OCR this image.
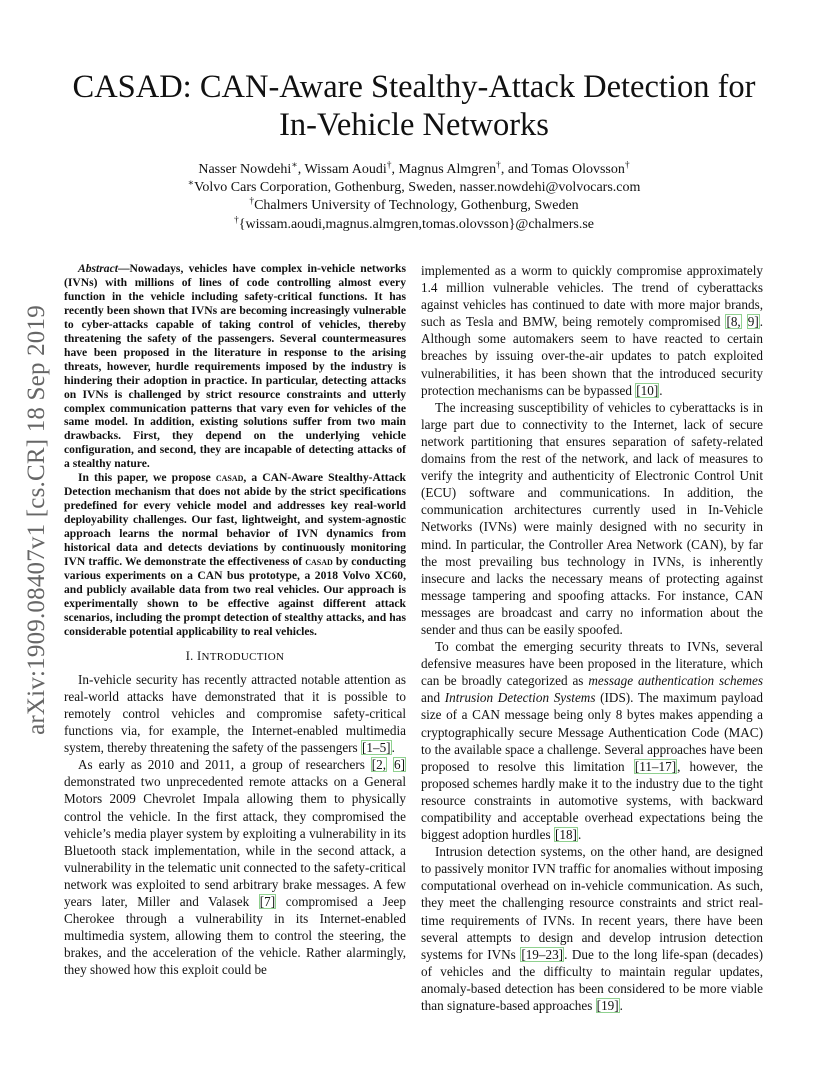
arXiv:1909.08407v1 [cs.CR] 18 Sep 2019
CASAD: CAN-Aware Stealthy-Attack Detection for In-Vehicle Networks
Nasser Nowdehi∗, Wissam Aoudi†, Magnus Almgren†, and Tomas Olovsson†
∗Volvo Cars Corporation, Gothenburg, Sweden, nasser.nowdehi@volvocars.com
†Chalmers University of Technology, Gothenburg, Sweden
†{wissam.aoudi,magnus.almgren,tomas.olovsson}@chalmers.se

Abstract—Nowadays, vehicles have complex in-vehicle networks (IVNs) with millions of lines of code controlling almost every function in the vehicle including safety-critical functions. It has recently been shown that IVNs are becoming increasingly vulnerable to cyber-attacks capable of taking control of vehicles, thereby threatening the safety of the passengers. Several countermeasures have been proposed in the literature in response to the arising threats, however, hurdle requirements imposed by the industry is hindering their adoption in practice. In particular, detecting attacks on IVNs is challenged by strict resource constraints and utterly complex communication patterns that vary even for vehicles of the same model. In addition, existing solutions suffer from two main drawbacks. First, they depend on the underlying vehicle configuration, and second, they are incapable of detecting attacks of a stealthy nature.

In this paper, we propose casad, a CAN-Aware Stealthy-Attack Detection mechanism that does not abide by the strict specifications predefined for every vehicle model and addresses key real-world deployability challenges. Our fast, lightweight, and system-agnostic approach learns the normal behavior of IVN dynamics from historical data and detects deviations by continuously monitoring IVN traffic. We demonstrate the effectiveness of casad by conducting various experiments on a CAN bus prototype, a 2018 Volvo XC60, and publicly available data from two real vehicles. Our approach is experimentally shown to be effective against different attack scenarios, including the prompt detection of stealthy attacks, and has considerable potential applicability to real vehicles.

I. INTRODUCTION

In-vehicle security has recently attracted notable attention as real-world attacks have demonstrated that it is possible to remotely control vehicles and compromise safety-critical functions via, for example, the Internet-enabled multimedia system, thereby threatening the safety of the passengers [1–5].

As early as 2010 and 2011, a group of researchers [2, 6] demonstrated two unprecedented remote attacks on a General Motors 2009 Chevrolet Impala allowing them to physically control the vehicle. In the first attack, they compromised the vehicle’s media player system by exploiting a vulnerability in its Bluetooth stack implementation, while in the second attack, a vulnerability in the telematic unit connected to the safety-critical network was exploited to send arbitrary brake messages. A few years later, Miller and Valasek [7] compromised a Jeep Cherokee through a vulnerability in its Internet-enabled multimedia system, allowing them to control the steering, the brakes, and the acceleration of the vehicle. Rather alarmingly, they showed how this exploit could be

implemented as a worm to quickly compromise approximately 1.4 million vulnerable vehicles. The trend of cyberattacks against vehicles has continued to date with more major brands, such as Tesla and BMW, being remotely compromised [8, 9]. Although some automakers seem to have reacted to certain breaches by issuing over-the-air updates to patch exploited vulnerabilities, it has been shown that the introduced security protection mechanisms can be bypassed [10].

The increasing susceptibility of vehicles to cyberattacks is in large part due to connectivity to the Internet, lack of secure network partitioning that ensures separation of safety-related domains from the rest of the network, and lack of measures to verify the integrity and authenticity of Electronic Control Unit (ECU) software and communications. In addition, the communication architectures currently used in In-Vehicle Networks (IVNs) were mainly designed with no security in mind. In particular, the Controller Area Network (CAN), by far the most prevailing bus technology in IVNs, is inherently insecure and lacks the necessary means of protecting against message tampering and spoofing attacks. For instance, CAN messages are broadcast and carry no information about the sender and thus can be easily spoofed.

To combat the emerging security threats to IVNs, several defensive measures have been proposed in the literature, which can be broadly categorized as message authentication schemes and Intrusion Detection Systems (IDS). The maximum payload size of a CAN message being only 8 bytes makes appending a cryptographically secure Message Authentication Code (MAC) to the available space a challenge. Several approaches have been proposed to resolve this limitation [11–17], however, the proposed schemes hardly make it to the industry due to the tight resource constraints in automotive systems, with backward compatibility and acceptable overhead expectations being the biggest adoption hurdles [18].

Intrusion detection systems, on the other hand, are designed to passively monitor IVN traffic for anomalies without imposing computational overhead on in-vehicle communication. As such, they meet the challenging resource constraints and strict real-time requirements of IVNs. In recent years, there have been several attempts to design and develop intrusion detection systems for IVNs [19–23]. Due to the long life-span (decades) of vehicles and the difficulty to maintain regular updates, anomaly-based detection has been considered to be more viable than signature-based approaches [19].
